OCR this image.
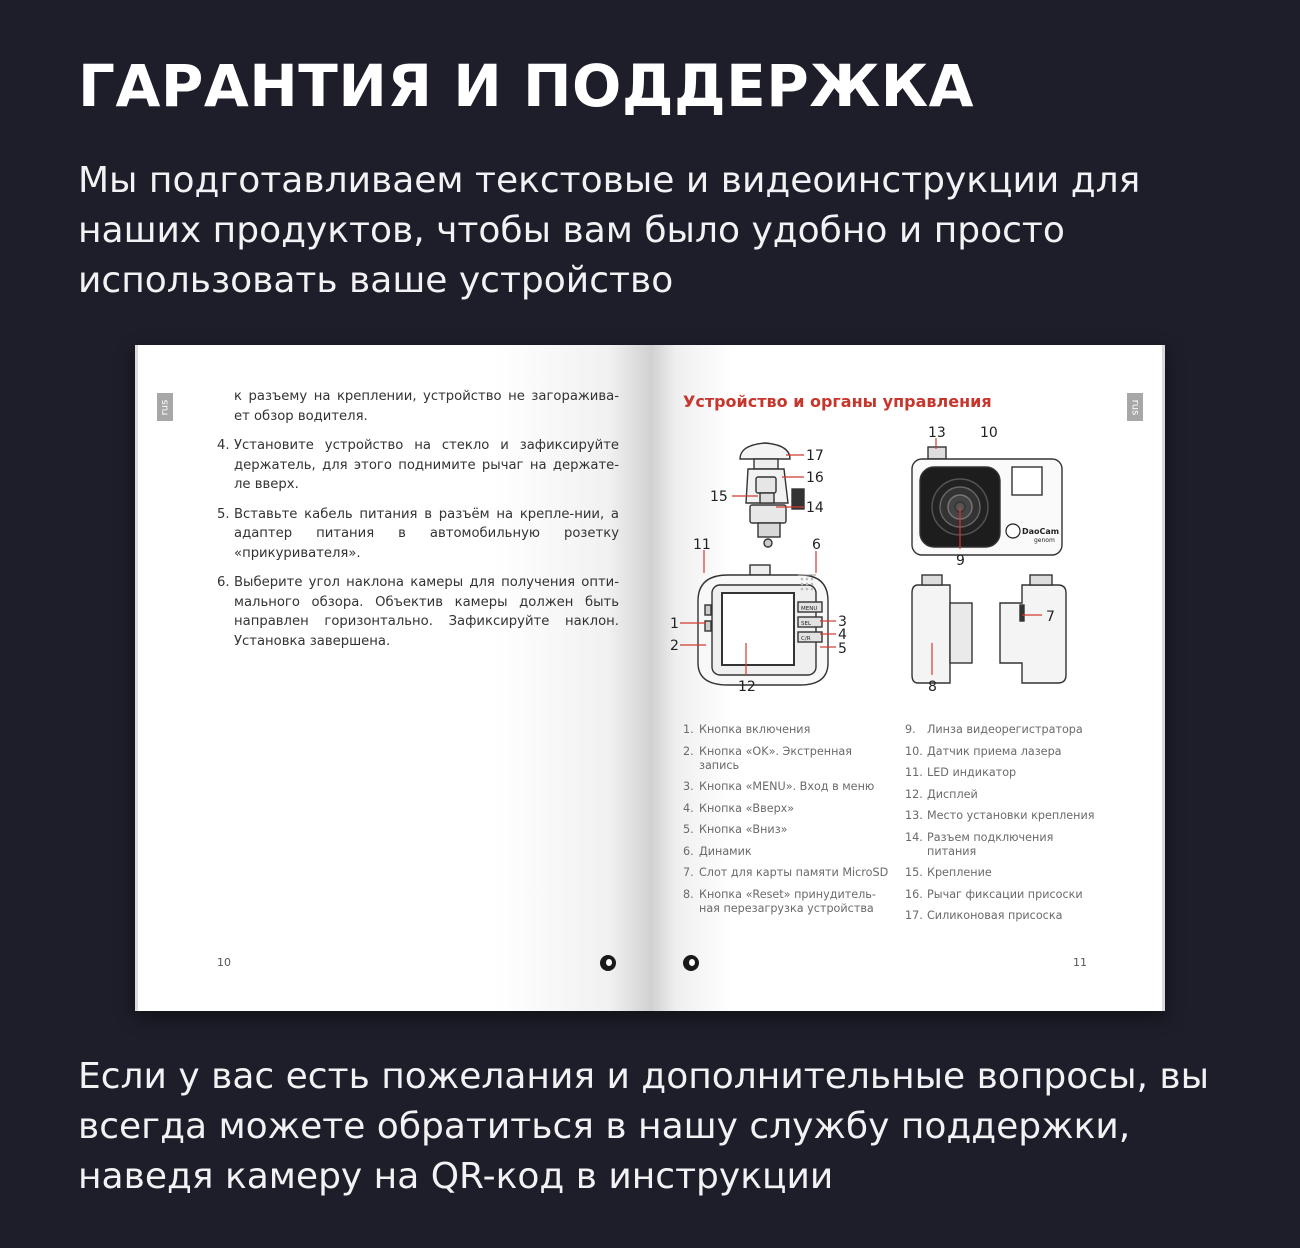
ГАРАНТИЯ И ПОДДЕРЖКА
Мы подготавливаем текстовые и видеоинструкции для наших продуктов, чтобы вам было удобно и просто использовать ваше устройство
rus
к разъему на креплении, устройство не загоражива-ет обзор водителя.
4. Установите устройство на стекло и зафиксируйте держатель, для этого поднимите рычаг на держате-ле вверх.
5. Вставьте кабель питания в разъём на крепле-нии, а адаптер питания в автомобильную розетку «прикуривателя».
6. Выберите угол наклона камеры для получения опти-мального обзора. Объектив камеры должен быть направлен горизонтально. Зафиксируйте наклон. Установка завершена.
10
rus
Устройство и органы управления
MENU
SEL
C/R
DaoCam
genom
17
16
15
14
11	6
1
2
3
4
5
12
13 10
9
7
8
1. Кнопка включения
2. Кнопка «OK». Экстренная запись
3. Кнопка «MENU». Вход в меню
4. Кнопка «Вверх»
5. Кнопка «Вниз»
6. Динамик
7. Слот для карты памяти MicroSD
8. Кнопка «Reset» принудитель-ная перезагрузка устройства
9.	Линза видеорегистратора
10. Датчик приема лазера
11. LED индикатор
12. Дисплей
13. Место установки крепления
14. Разъем подключения питания
15. Крепление
16. Рычаг фиксации присоски
17. Силиконовая присоска
11
Если у вас есть пожелания и дополнительные вопросы, вы всегда можете обратиться в нашу службу поддержки, наведя камеру на QR-код в инструкции
